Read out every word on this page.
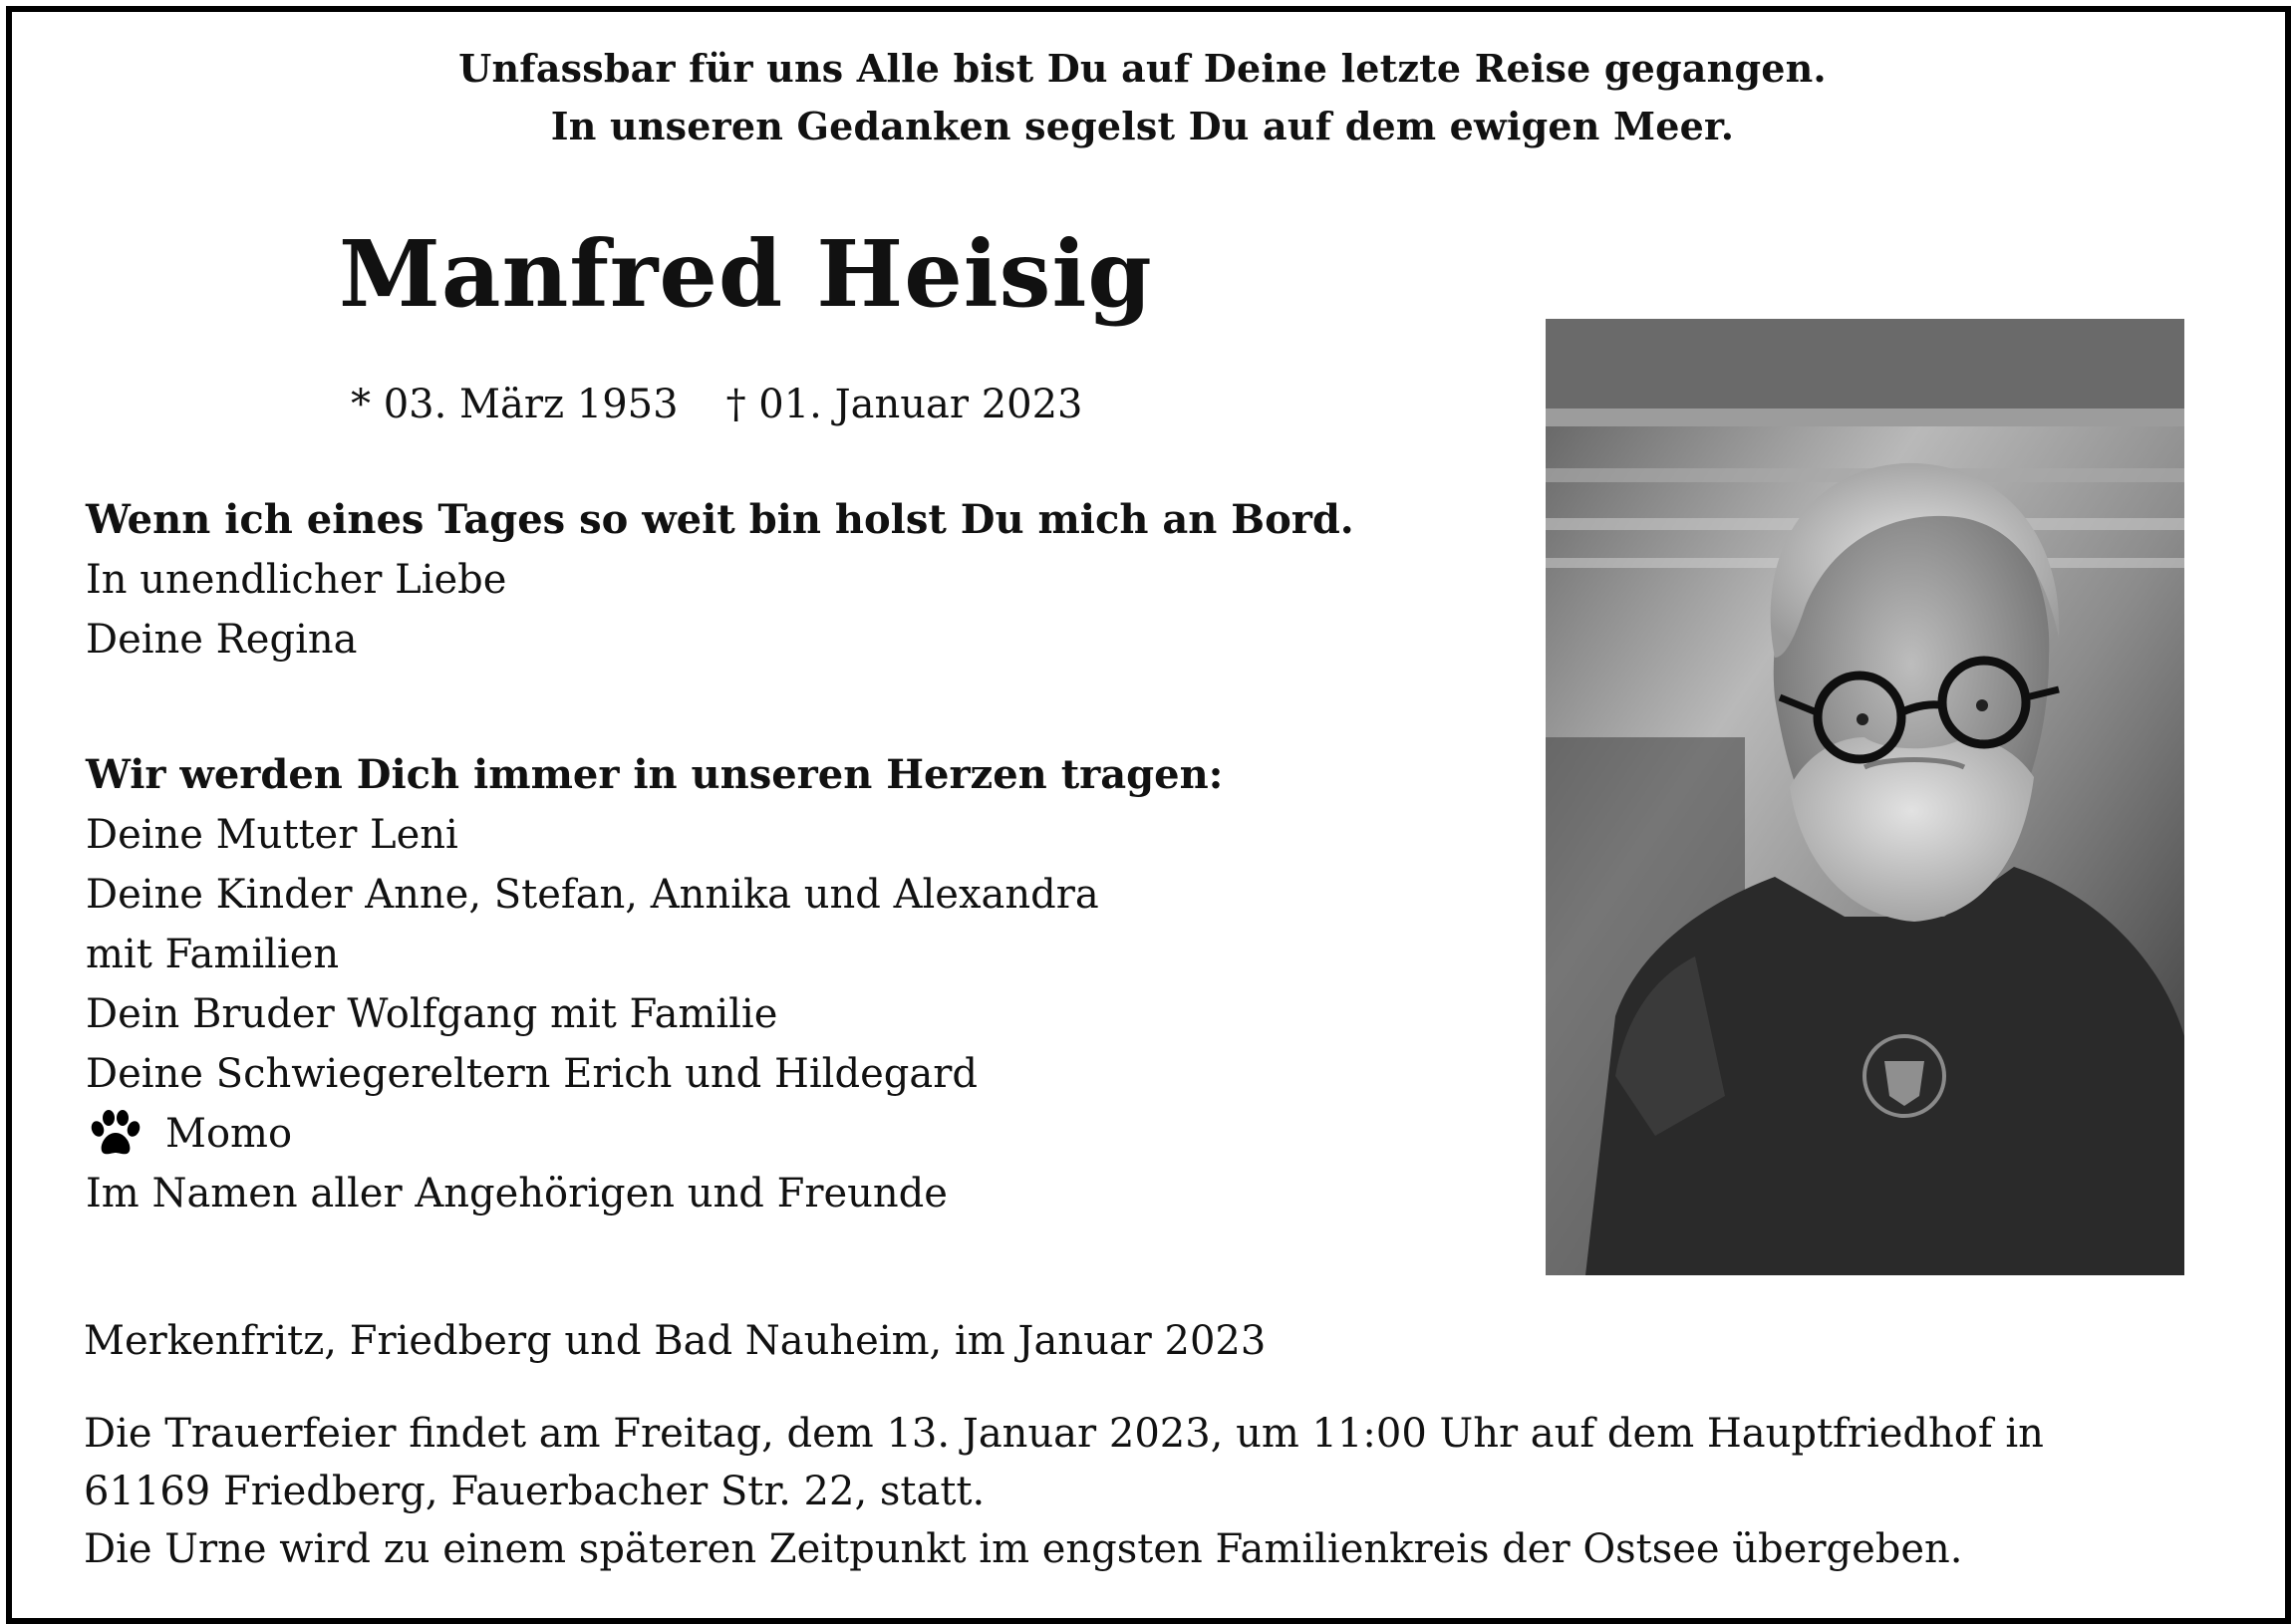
Unfassbar für uns Alle bist Du auf Deine letzte Reise gegangen.
In unseren Gedanken segelst Du auf dem ewigen Meer.
Manfred Heisig
* 03. März 1953 † 01. Januar 2023
Wenn ich eines Tages so weit bin holst Du mich an Bord.
In unendlicher Liebe
Deine Regina
Wir werden Dich immer in unseren Herzen tragen:
Deine Mutter Leni
Deine Kinder Anne, Stefan, Annika und Alexandra
mit Familien
Dein Bruder Wolfgang mit Familie
Deine Schwiegereltern Erich und Hildegard
Momo
Im Namen aller Angehörigen und Freunde
Merkenfritz, Friedberg und Bad Nauheim, im Januar 2023
Die Trauerfeier findet am Freitag, dem 13. Januar 2023, um 11:00 Uhr auf dem Hauptfriedhof in
61169 Friedberg, Fauerbacher Str. 22, statt.
Die Urne wird zu einem späteren Zeitpunkt im engsten Familienkreis der Ostsee übergeben.
